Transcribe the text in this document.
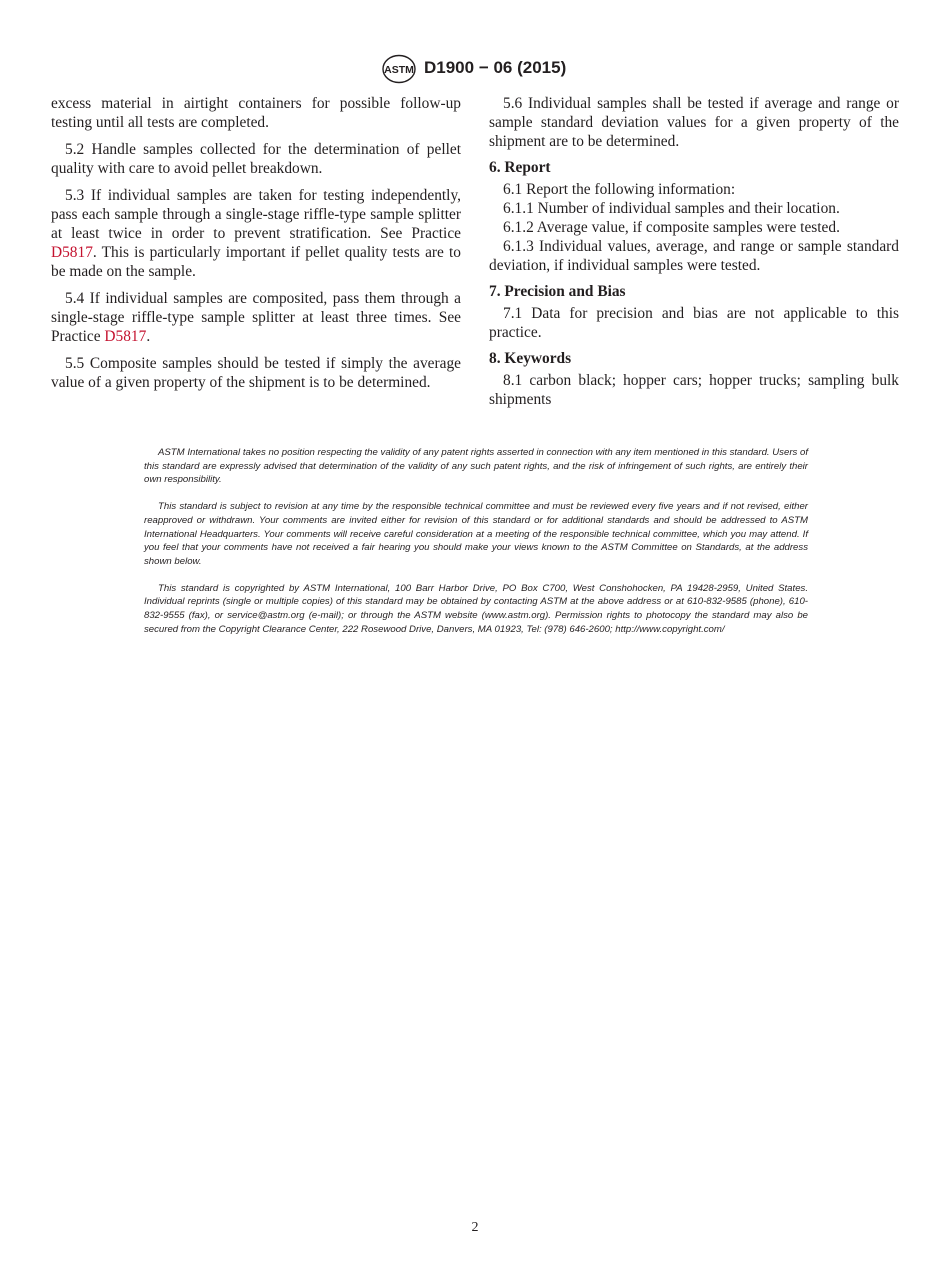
ASTM D1900 − 06 (2015)

excess material in airtight containers for possible follow-up testing until all tests are completed.

5.2 Handle samples collected for the determination of pellet quality with care to avoid pellet breakdown.

5.3 If individual samples are taken for testing independently, pass each sample through a single-stage riffle-type sample splitter at least twice in order to prevent stratification. See Practice D5817. This is particularly important if pellet quality tests are to be made on the sample.

5.4 If individual samples are composited, pass them through a single-stage riffle-type sample splitter at least three times. See Practice D5817.

5.5 Composite samples should be tested if simply the average value of a given property of the shipment is to be determined.

5.6 Individual samples shall be tested if average and range or sample standard deviation values for a given property of the shipment are to be determined.

6. Report

6.1 Report the following information:

6.1.1 Number of individual samples and their location.

6.1.2 Average value, if composite samples were tested.

6.1.3 Individual values, average, and range or sample standard deviation, if individual samples were tested.

7. Precision and Bias

7.1 Data for precision and bias are not applicable to this practice.

8. Keywords

8.1 carbon black; hopper cars; hopper trucks; sampling bulk shipments

ASTM International takes no position respecting the validity of any patent rights asserted in connection with any item mentioned in this standard. Users of this standard are expressly advised that determination of the validity of any such patent rights, and the risk of infringement of such rights, are entirely their own responsibility.

This standard is subject to revision at any time by the responsible technical committee and must be reviewed every five years and if not revised, either reapproved or withdrawn. Your comments are invited either for revision of this standard or for additional standards and should be addressed to ASTM International Headquarters. Your comments will receive careful consideration at a meeting of the responsible technical committee, which you may attend. If you feel that your comments have not received a fair hearing you should make your views known to the ASTM Committee on Standards, at the address shown below.

This standard is copyrighted by ASTM International, 100 Barr Harbor Drive, PO Box C700, West Conshohocken, PA 19428-2959, United States. Individual reprints (single or multiple copies) of this standard may be obtained by contacting ASTM at the above address or at 610-832-9585 (phone), 610-832-9555 (fax), or service@astm.org (e-mail); or through the ASTM website (www.astm.org). Permission rights to photocopy the standard may also be secured from the Copyright Clearance Center, 222 Rosewood Drive, Danvers, MA 01923, Tel: (978) 646-2600; http://www.copyright.com/

2
